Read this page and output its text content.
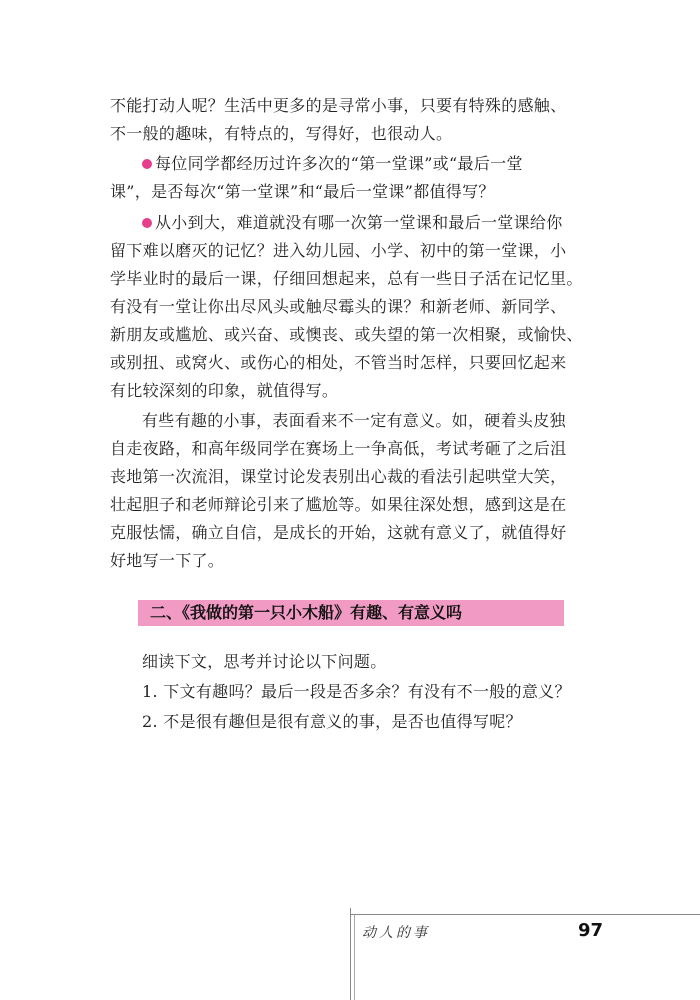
不能打动人呢？生活中更多的是寻常小事，只要有特殊的感触、
不一般的趣味，有特点的，写得好，也很动人。
每位同学都经历过许多次的“第一堂课”或“最后一堂
课”，是否每次“第一堂课”和“最后一堂课”都值得写？
从小到大，难道就没有哪一次第一堂课和最后一堂课给你
留下难以磨灭的记忆？进入幼儿园、小学、初中的第一堂课，小
学毕业时的最后一课，仔细回想起来，总有一些日子活在记忆里。
有没有一堂让你出尽风头或触尽霉头的课？和新老师、新同学、
新朋友或尴尬、或兴奋、或懊丧、或失望的第一次相聚，或愉快、
或别扭、或窝火、或伤心的相处，不管当时怎样，只要回忆起来
有比较深刻的印象，就值得写。
有些有趣的小事，表面看来不一定有意义。如，硬着头皮独
自走夜路，和高年级同学在赛场上一争高低，考试考砸了之后沮
丧地第一次流泪，课堂讨论发表别出心裁的看法引起哄堂大笑，
壮起胆子和老师辩论引来了尴尬等。如果往深处想，感到这是在
克服怯懦，确立自信，是成长的开始，这就有意义了，就值得好
好地写一下了。
二、《我做的第一只小木船》有趣、有意义吗
细读下文，思考并讨论以下问题。
1. 下文有趣吗？最后一段是否多余？有没有不一般的意义？
2. 不是很有趣但是很有意义的事，是否也值得写呢？
动人的事	97
